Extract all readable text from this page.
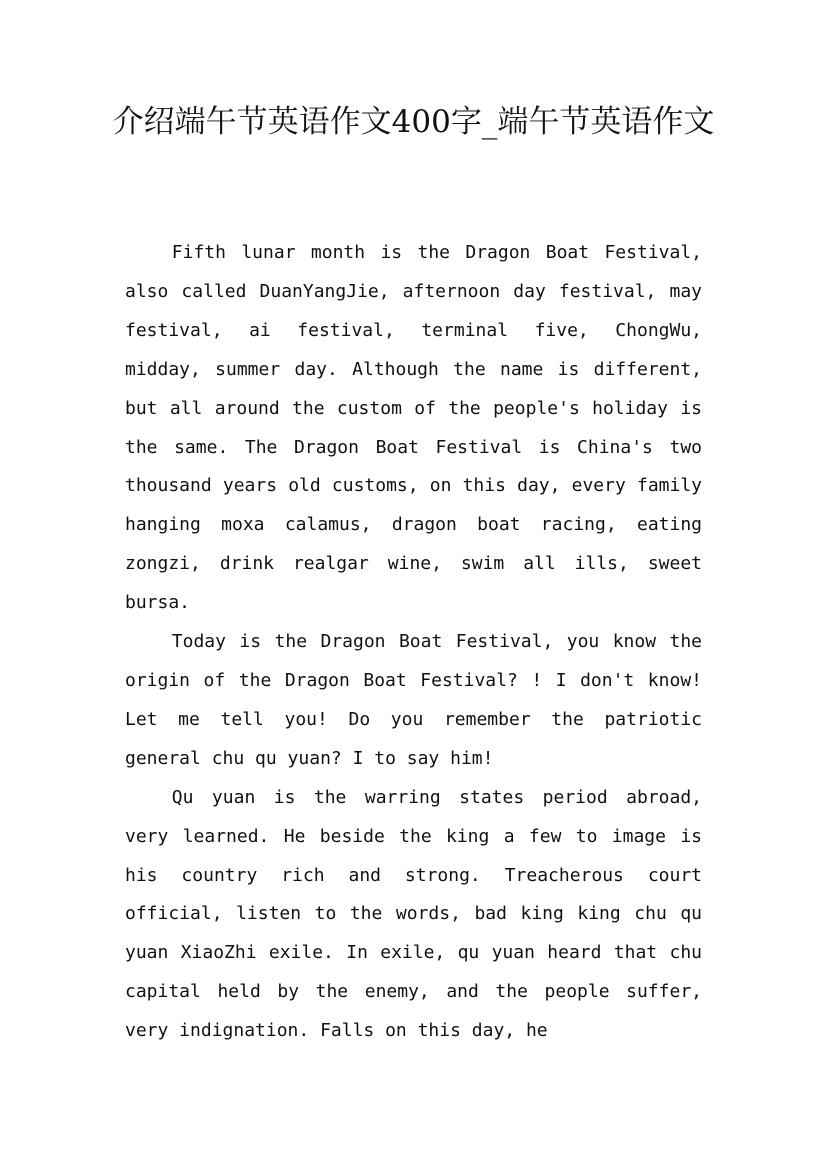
介绍端午节英语作文400字_端午节英语作文

Fifth lunar month is the Dragon Boat Festival, also called DuanYangJie, afternoon day festival, may festival, ai festival, terminal five, ChongWu, midday, summer day. Although the name is different, but all around the custom of the people's holiday is the same. The Dragon Boat Festival is China's two thousand years old customs, on this day, every family hanging moxa calamus, dragon boat racing, eating zongzi, drink realgar wine, swim all ills, sweet bursa.

Today is the Dragon Boat Festival, you know the origin of the Dragon Boat Festival? ! I don't know! Let me tell you! Do you remember the patriotic general chu qu yuan? I to say him!

Qu yuan is the warring states period abroad, very learned. He beside the king a few to image is his country rich and strong. Treacherous court official, listen to the words, bad king king chu qu yuan XiaoZhi exile. In exile, qu yuan heard that chu capital held by the enemy, and the people suffer, very indignation. Falls on this day, he
